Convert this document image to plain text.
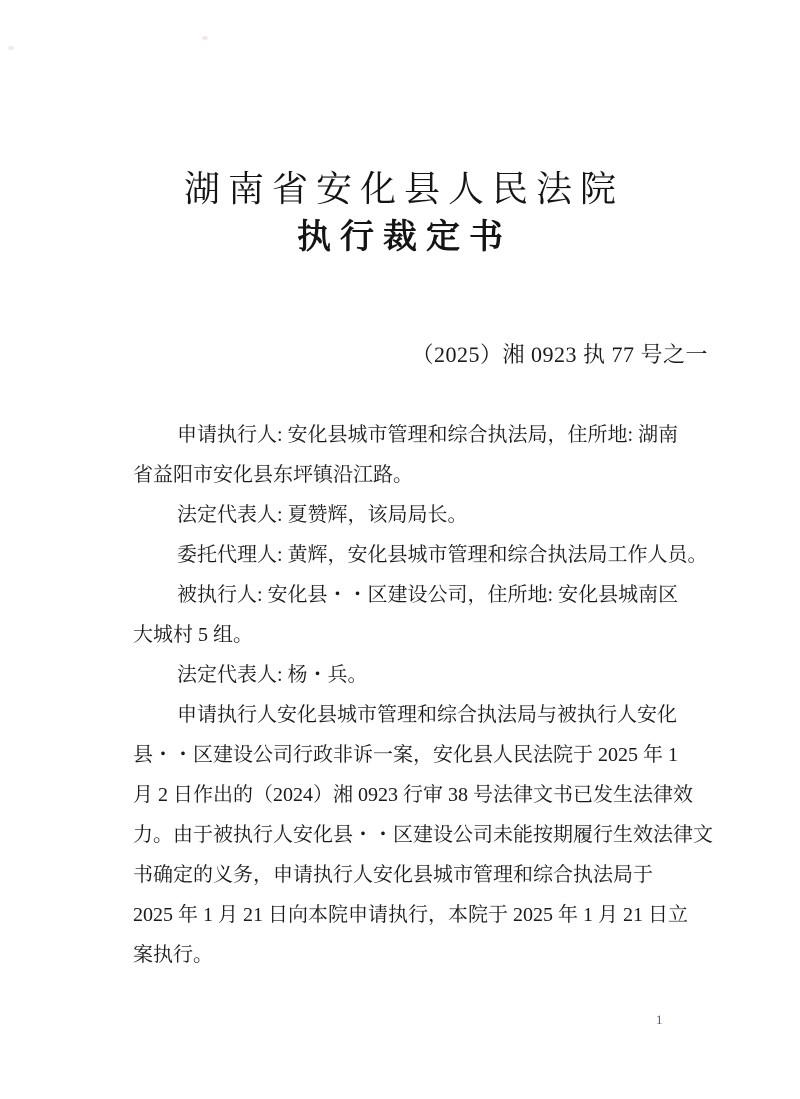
湖南省安化县人民法院
执行裁定书
（2025）湘 0923 执 77 号之一
申请执行人: 安化县城市管理和综合执法局，住所地: 湖南
省益阳市安化县东坪镇沿江路。
法定代表人: 夏赞辉，该局局长。
委托代理人: 黄辉，安化县城市管理和综合执法局工作人员。
被执行人: 安化县・・区建设公司，住所地: 安化县城南区
大城村 5 组。
法定代表人: 杨・兵。
申请执行人安化县城市管理和综合执法局与被执行人安化
县・・区建设公司行政非诉一案，安化县人民法院于 2025 年 1
月 2 日作出的（2024）湘 0923 行审 38 号法律文书已发生法律效
力。由于被执行人安化县・・区建设公司未能按期履行生效法律文
书确定的义务，申请执行人安化县城市管理和综合执法局于
2025 年 1 月 21 日向本院申请执行，本院于 2025 年 1 月 21 日立
案执行。
1
